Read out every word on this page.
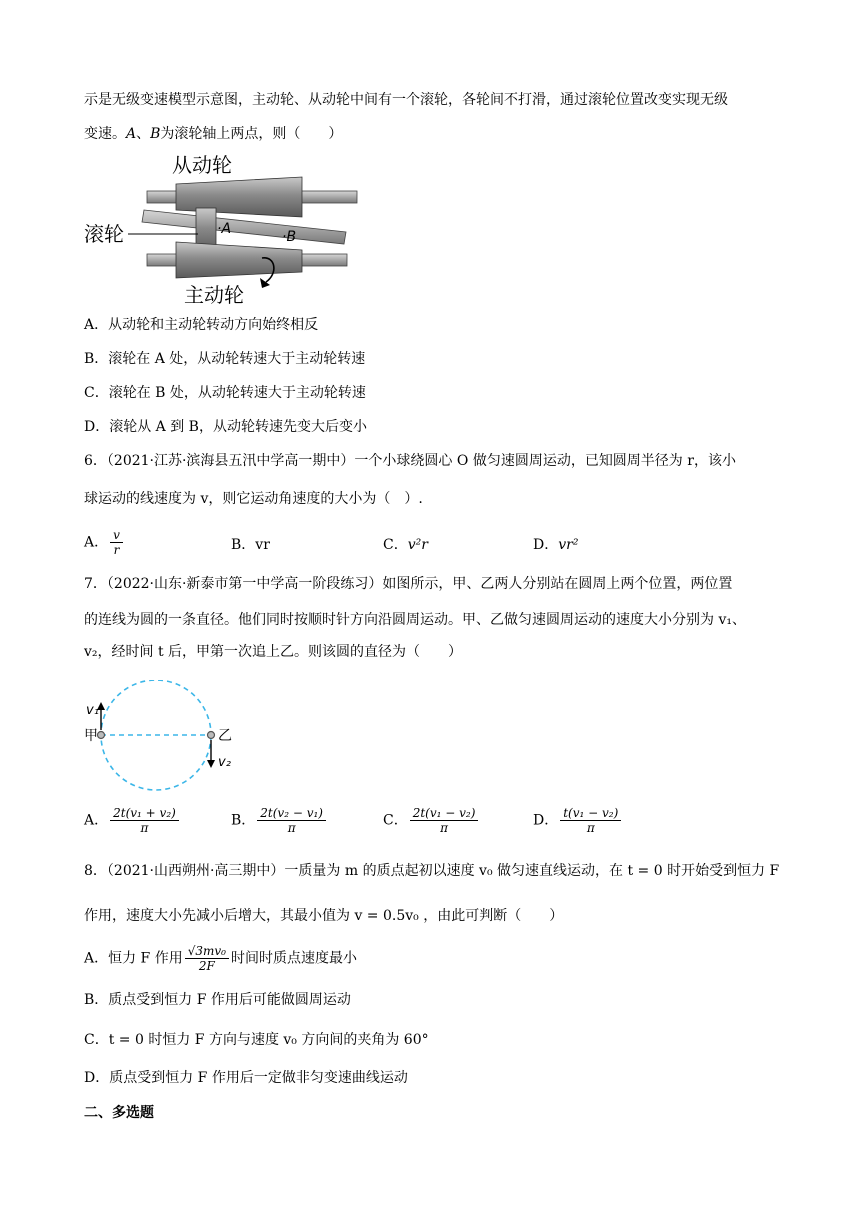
示是无级变速模型示意图，主动轮、从动轮中间有一个滚轮，各轮间不打滑，通过滚轮位置改变实现无级
变速。A、B为滚轮轴上两点，则（　　）
从动轮
滚轮	·A	·B
主动轮
A．从动轮和主动轮转动方向始终相反
B．滚轮在 A 处，从动轮转速大于主动轮转速
C．滚轮在 B 处，从动轮转速大于主动轮转速
D．滚轮从 A 到 B，从动轮转速先变大后变小
6．（2021·江苏·滨海县五汛中学高一期中）一个小球绕圆心 O 做匀速圆周运动，已知圆周半径为 r，该小
球运动的线速度为 v，则它运动角速度的大小为（　）.
A． $\frac{v}{r}$	B．vr	C．v²r	D．vr²
7．（2022·山东·新泰市第一中学高一阶段练习）如图所示，甲、乙两人分别站在圆周上两个位置，两位置
的连线为圆的一条直径。他们同时按顺时针方向沿圆周运动。甲、乙做匀速圆周运动的速度大小分别为 v₁、
v₂，经时间 t 后，甲第一次追上乙。则该圆的直径为（　　）
v₁
甲	乙
v₂
A． $\frac{\text{2t(v₁ + v₂)}}{\pi}$	B． $\frac{\text{2t(v₂ − v₁)}}{\pi}$	C． $\frac{\text{2t(v₁ − v₂)}}{\pi}$	D． $\frac{\text{t(v₁ − v₂)}}{\pi}$
8．（2021·山西朔州·高三期中）一质量为 m 的质点起初以速度 v₀ 做匀速直线运动，在 t = 0 时开始受到恒力 F
作用，速度大小先减小后增大，其最小值为 v = 0.5v₀ ，由此可判断（　　）
A．恒力 F 作用 $\frac{\text{√3mv₀}}{2F}$ 时间时质点速度最小
B．质点受到恒力 F 作用后可能做圆周运动
C．t = 0 时恒力 F 方向与速度 v₀ 方向间的夹角为 60°
D．质点受到恒力 F 作用后一定做非匀变速曲线运动
二、多选题
